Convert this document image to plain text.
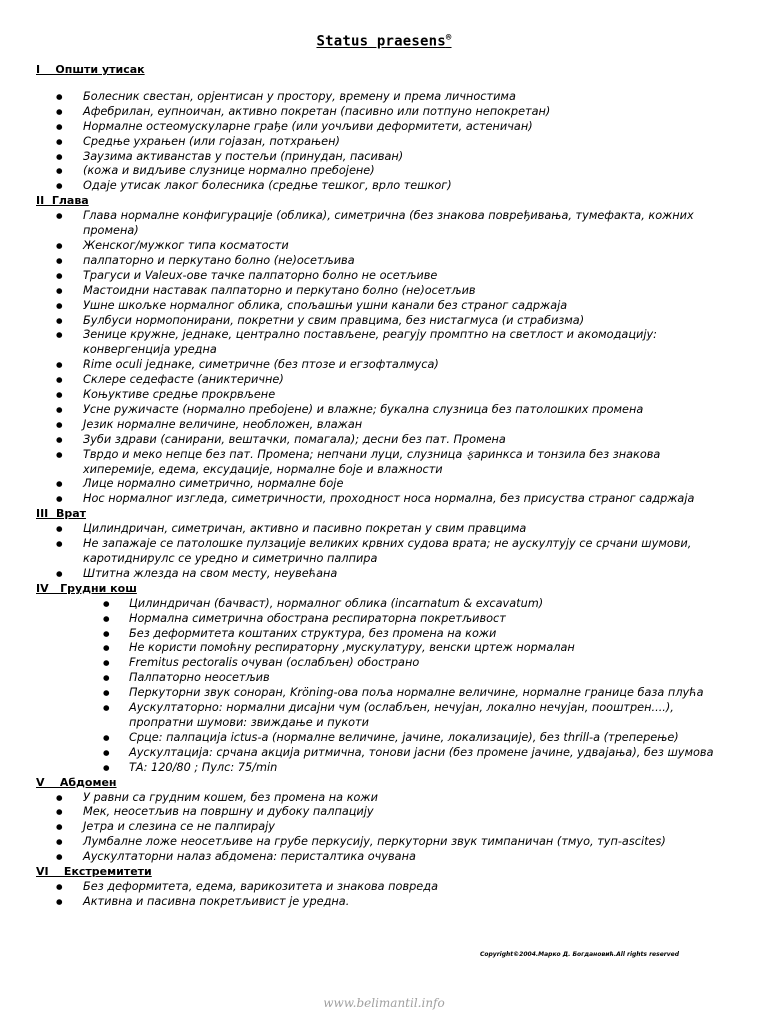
Status praesens®
I    Општи утисак
● Болесник свестан, орјентисан у простору, времену и према личностима
● Афебрилан, еупноичан, активно покретан (пасивно или потпуно непокретан)
● Нормалне остеомускуларне грађе (или уочљиви деформитети, астеничан)
● Средње ухрањен (или гојазан, потхрањен)
● Заузима активанстав у постељи (принудан, пасиван)
● (кожа и видљиве слузнице нормално пребојене)
● Одаје утисак лаког болесника (средње тешког, врло тешког)
II  Глава
● Глава нормалне конфигурације (облика), симетрична (без знакова повређивања, тумефакта, кожних промена)
● Женског/мужког типа косматости
● палпаторно и перкутано болно (не)осетљива
● Трагуси и Valeux-ове тачке палпаторно болно не осетљиве
● Мастоидни наставак палпаторно и перкутано болно (не)осетљив
● Ушне шкољке нормалног облика, спољашњи ушни канали без страног садржаја
● Булбуси нормопонирани, покретни у свим правцима, без нистагмуса (и страбизма)
● Зенице кружне, једнаке, централно постављене, реагују промптно на светлост и акомодацију: конвергенција уредна
● Rime oculi једнаке, симетричне (без птозе и егзофталмуса)
● Склере седефасте (аниктеричне)
● Коњуктиве средње прокрвљене
● Усне ружичасте (нормално пребојене) и влажне; букална слузница без патолошких промена
● Језик нормалне величине, необложен, влажан
● Зуби здрави (санирани, вештачки, помагала); десни без пат. Промена
● Тврдо и меко непце без пат. Промена; непчани луци, слузница ફаринкса и тонзила без знакова хиперемије, едема, ексудације, нормалне боје и влажности
● Лице нормално симетрично, нормалне боје
● Нос нормалног изгледа, симетричности, проходност носа нормална, без присуства страног садржаја
III  Врат
● Цилиндричан, симетричан, активно и пасивно покретан у свим правцима
● Не запажаје се патолошке пулзације великих крвних судова врата; не аускултују се срчани шумови, каротидниpулс се уредно и симетрично палпира
● Штитна жлезда на свом месту, неувећана
IV   Грудни кош
● Цилиндричан (бачваст), нормалног облика (incarnatum & excavatum)
● Нормална симетрична обострана респираторна покретљивост
● Без деформитета коштаних структура, без промена на кожи
● Не користи помоћну респираторну ,мускулатуру, венски цртеж нормалан
● Fremitus pectoralis очуван (ослабљен) обострано
● Палпаторно неосетљив
● Перкуторни звук соноран, Kröning-ова поља нормалне величине, нормалне границе база плућа
● Аускултаторно: нормални дисајни чум (ослабљен, нечујан, локално нечујан, пооштрен....), пропратни шумови: звиждање и пукоти
● Срце: палпација ictus-а (нормалне величине, јачине, локализације), без thrill-а (треперење)
● Аускултација: срчана акција ритмична, тонови јасни (без промене јачине, удвајања), без шумова
● ТА: 120/80 ; Пулс: 75/min
V    Абдомен
● У равни са грудним кошем, без промена на кожи
● Мек, неосетљив на површну и дубоку палпацију
● Јетра и слезина се не палпирају
● Лумбалне ложе неосетљиве на грубе перкусију, перкуторни звук тимпаничан (тмуо, туп-ascites)
● Аускултаторни налаз абдомена: перисталтика очувана
VI    Екстремитети
● Без деформитета, едема, варикозитета и знакова повреда
● Активна и пасивна покретљивист је уредна.
Copyright©2004.Марко Д. Богдановић.All rights reserved
www.belimantil.info
